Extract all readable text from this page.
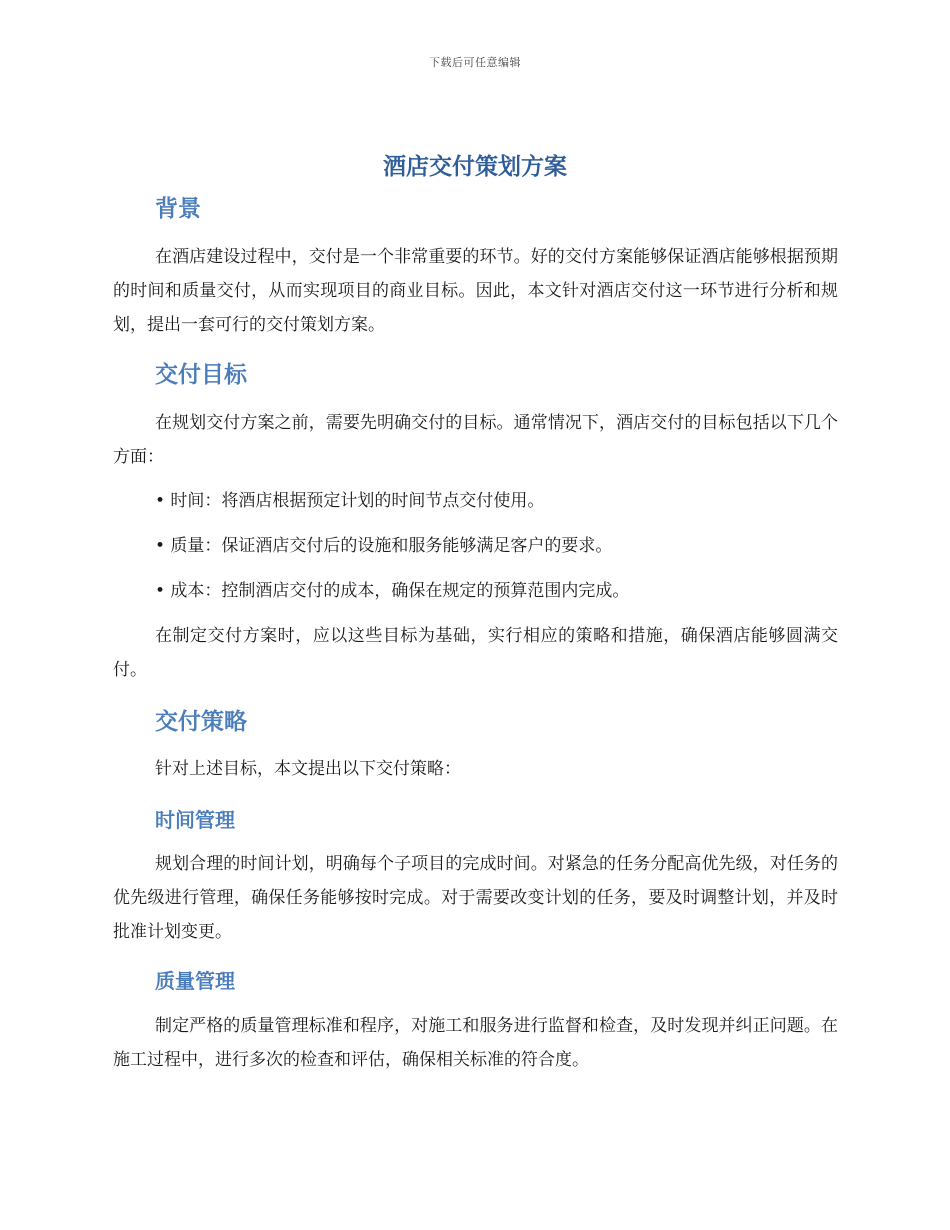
下载后可任意编辑
酒店交付策划方案
背景

在酒店建设过程中，交付是一个非常重要的环节。好的交付方案能够保证酒店能够根据预期的时间和质量交付，从而实现项目的商业目标。因此，本文针对酒店交付这一环节进行分析和规划，提出一套可行的交付策划方案。

交付目标

在规划交付方案之前，需要先明确交付的目标。通常情况下，酒店交付的目标包括以下几个方面：

• 时间：将酒店根据预定计划的时间节点交付使用。

• 质量：保证酒店交付后的设施和服务能够满足客户的要求。

• 成本：控制酒店交付的成本，确保在规定的预算范围内完成。

在制定交付方案时，应以这些目标为基础，实行相应的策略和措施，确保酒店能够圆满交付。

交付策略

针对上述目标，本文提出以下交付策略：

时间管理

规划合理的时间计划，明确每个子项目的完成时间。对紧急的任务分配高优先级，对任务的优先级进行管理，确保任务能够按时完成。对于需要改变计划的任务，要及时调整计划，并及时批准计划变更。

质量管理

制定严格的质量管理标准和程序，对施工和服务进行监督和检查，及时发现并纠正问题。在施工过程中，进行多次的检查和评估，确保相关标准的符合度。
